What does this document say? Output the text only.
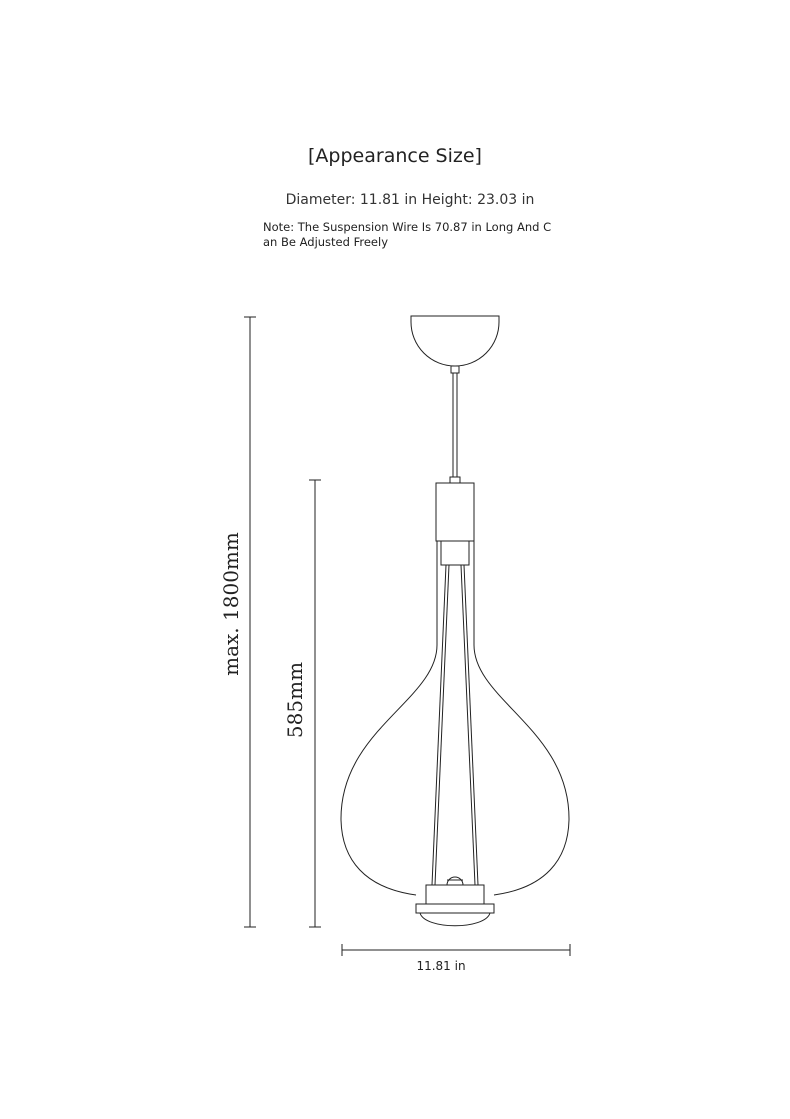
[Appearance Size]
Diameter: 11.81 in Height: 23.03 in
Note: The Suspension Wire Is 70.87 in Long And Can Be Adjusted Freely
max. 1800mm
585mm
11.81 in
